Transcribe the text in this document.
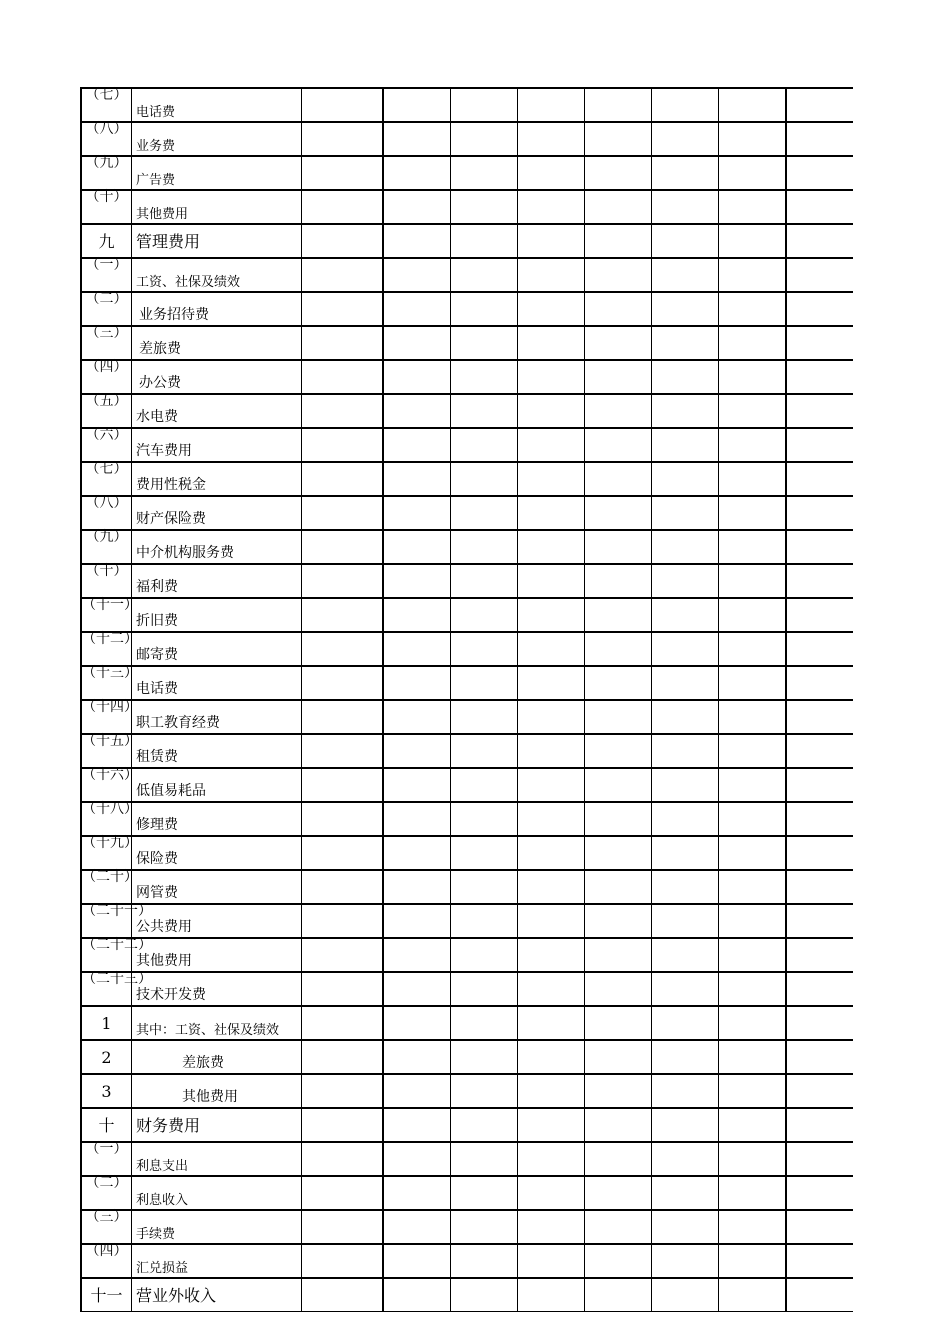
（七）	电话费								
（八）	业务费								
（九）	广告费								
（十）	其他费用								
九	管理费用								
（一）	工资、社保及绩效								
（二）	业务招待费								
（三）	差旅费								
（四）	办公费								
（五）	水电费								
（六）	汽车费用								
（七）	费用性税金								
（八）	财产保险费								
（九）	中介机构服务费								
（十）	福利费								
（十一）	折旧费								
（十二）	邮寄费								
（十三）	电话费								
（十四）	职工教育经费								
（十五）	租赁费								
（十六）	低值易耗品								
（十八）	修理费								
（十九）	保险费								
（二十）	网管费								
（二十一）	公共费用								
（二十二）	其他费用								
（二十三）	技术开发费								
1	其中：工资、社保及绩效								
2	差旅费								
3	其他费用								
十	财务费用								
（一）	利息支出								
（二）	利息收入								
（三）	手续费								
（四）	汇兑损益								
十一	营业外收入								
